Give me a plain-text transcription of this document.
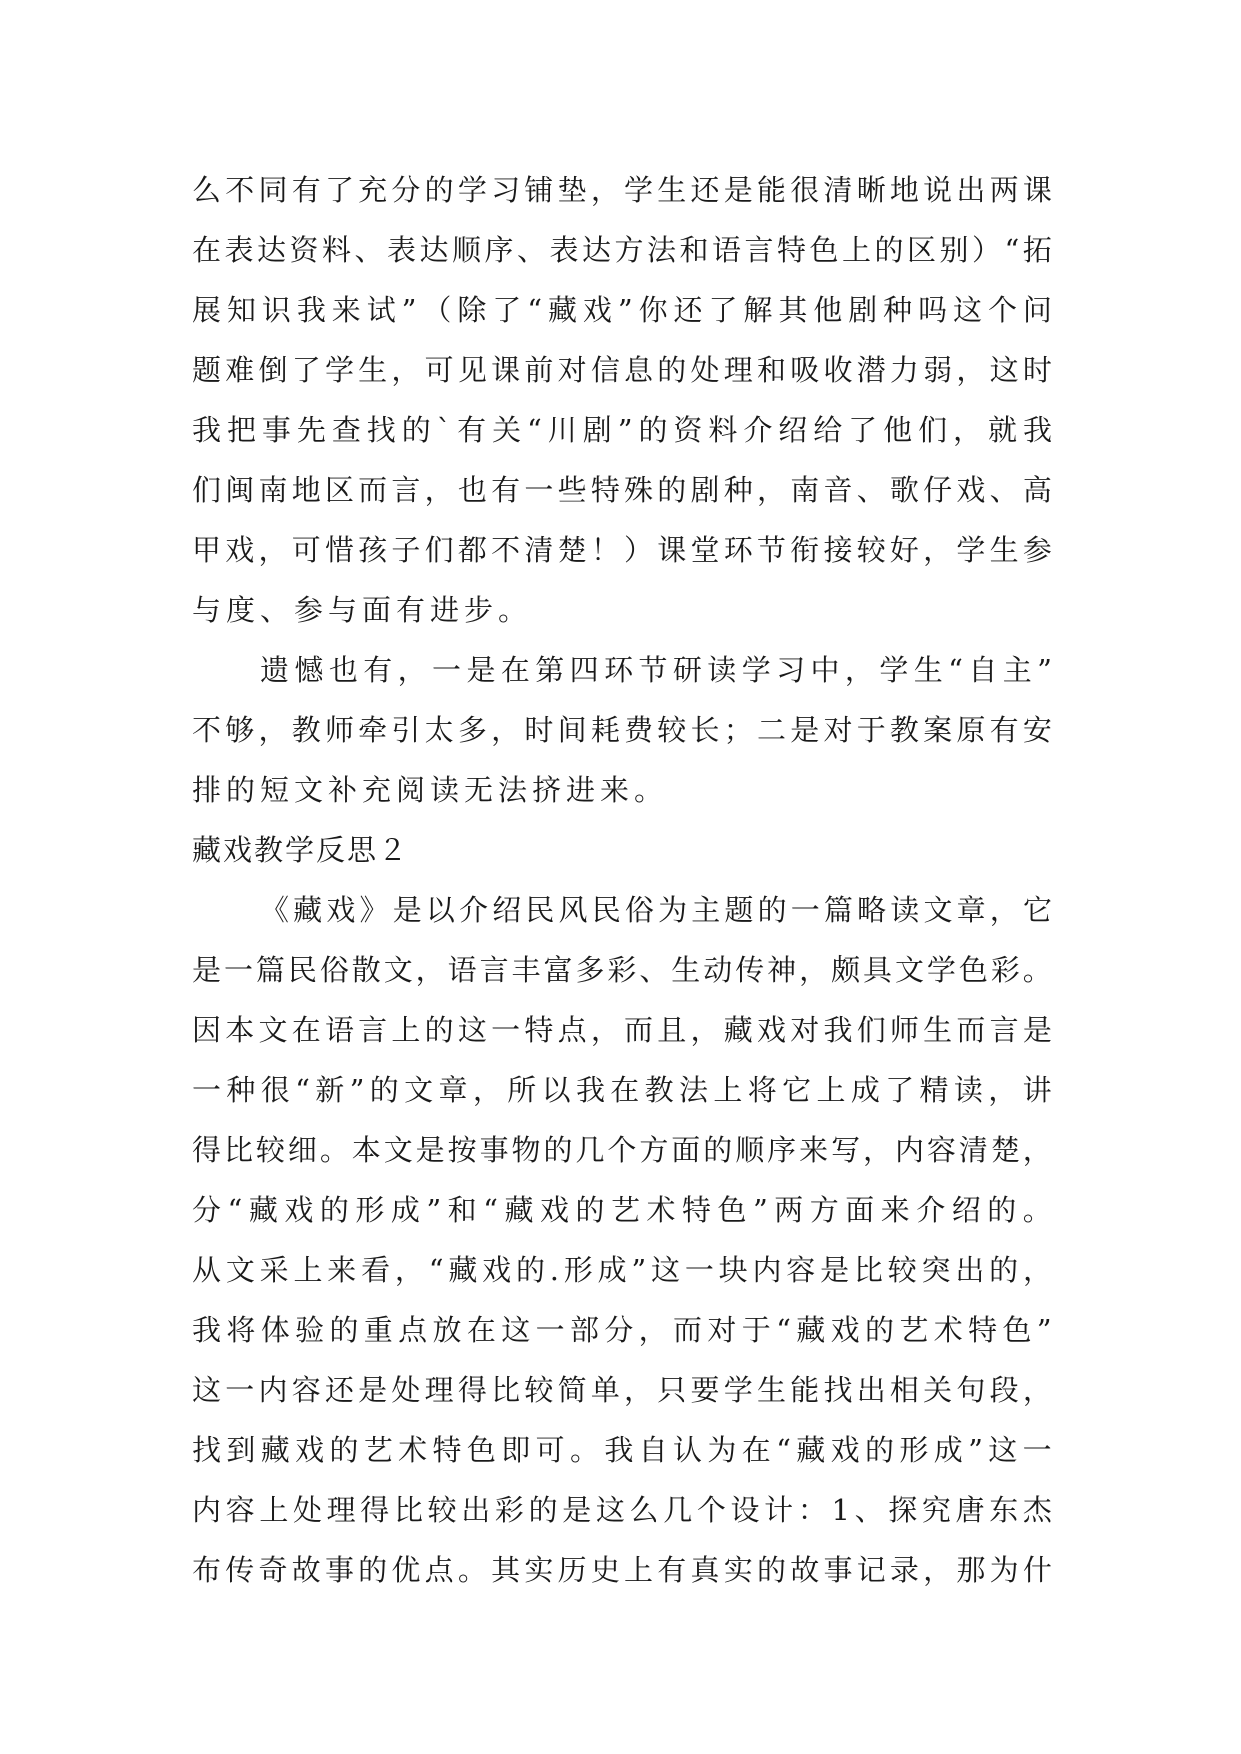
么 不 同 有 了 充 分 的 学 习 铺 垫 ， 学 生 还 是 能 很 清 晰 地 说 出 两 课
在 表 达 资 料 、 表 达 顺 序 、 表 达 方 法 和 语 言 特 色 上 的 区 别 ） “ 拓
展 知 识 我 来 试 ” （ 除 了 “ 藏 戏 ” 你 还 了 解 其 他 剧 种 吗 这 个 问
题 难 倒 了 学 生 ， 可 见 课 前 对 信 息 的 处 理 和 吸 收 潜 力 弱 ， 这 时
我 把 事 先 查 找 的 ` 有 关 “ 川 剧 ” 的 资 料 介 绍 给 了 他 们 ， 就 我
们 闽 南 地 区 而 言 ， 也 有 一 些 特 殊 的 剧 种 ， 南 音 、 歌 仔 戏 、 高
甲 戏 ， 可 惜 孩 子 们 都 不 清 楚 ！ ） 课 堂 环 节 衔 接 较 好 ， 学 生 参
与度、参与面有进步。
遗 憾 也 有 ， 一 是 在 第 四 环 节 研 读 学 习 中 ， 学 生 “ 自 主 ”
不 够 ， 教 师 牵 引 太 多 ， 时 间 耗 费 较 长 ； 二 是 对 于 教 案 原 有 安
排的短文补充阅读无法挤进来。
藏戏教学反思２
《 藏 戏 》 是 以 介 绍 民 风 民 俗 为 主 题 的 一 篇 略 读 文 章 ， 它
是 一 篇 民 俗 散 文 ， 语 言 丰 富 多 彩 、 生 动 传 神 ， 颇 具 文 学 色 彩 。
因 本 文 在 语 言 上 的 这 一 特 点 ， 而 且 ， 藏 戏 对 我 们 师 生 而 言 是
一 种 很 “ 新 ” 的 文 章 ， 所 以 我 在 教 法 上 将 它 上 成 了 精 读 ， 讲
得 比 较 细 。 本 文 是 按 事 物 的 几 个 方 面 的 顺 序 来 写 ， 内 容 清 楚 ，
分 “ 藏 戏 的 形 成 ” 和 “ 藏 戏 的 艺 术 特 色 ” 两 方 面 来 介 绍 的 。
从 文 采 上 来 看 ， “ 藏 戏 的 . 形 成 ” 这 一 块 内 容 是 比 较 突 出 的 ，
我 将 体 验 的 重 点 放 在 这 一 部 分 ， 而 对 于 “ 藏 戏 的 艺 术 特 色 ”
这 一 内 容 还 是 处 理 得 比 较 简 单 ， 只 要 学 生 能 找 出 相 关 句 段 ，
找 到 藏 戏 的 艺 术 特 色 即 可 。 我 自 认 为 在 “ 藏 戏 的 形 成 ” 这 一
内 容 上 处 理 得 比 较 出 彩 的 是 这 么 几 个 设 计 ： 1 、 探 究 唐 东 杰
布 传 奇 故 事 的 优 点 。 其 实 历 史 上 有 真 实 的 故 事 记 录 ， 那 为 什
